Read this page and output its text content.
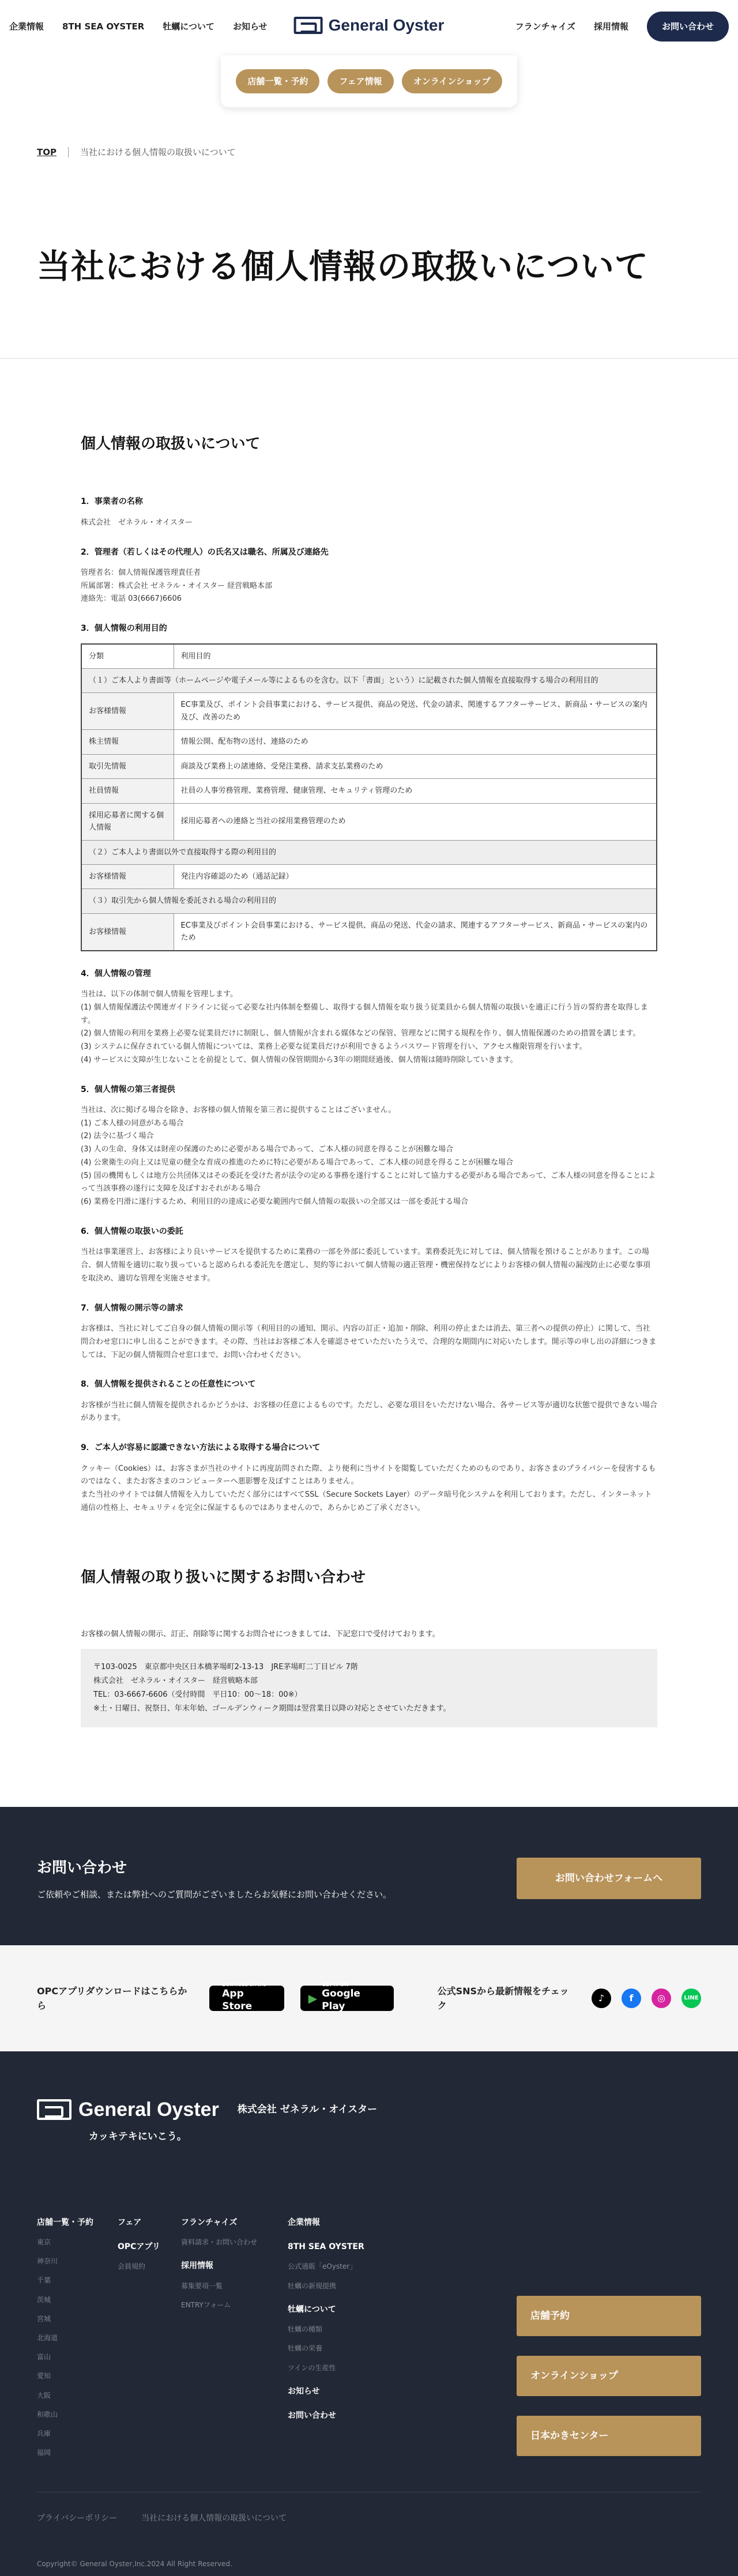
企業情報 8TH SEA OYSTER 牡蠣について お知らせ	General Oyster	フランチャイズ 採用情報	お問い合わせ
店舗一覧・予約	フェア情報	オンラインショップ
TOP	当社における個人情報の取扱いについて
当社における個人情報の取扱いについて
個人情報の取扱いについて
1．事業者の名称

株式会社　ゼネラル・オイスター

2．管理者（若しくはその代理人）の氏名又は職名、所属及び連絡先

管理者名：個人情報保護管理責任者

所属部署：株式会社 ゼネラル・オイスター 経営戦略本部

連絡先：電話 03(6667)6606

3．個人情報の利用目的
分類	利用目的
（１）ご本人より書面等（ホームページや電子メール等によるものを含む。以下「書面」という）に記載された個人情報を直接取得する場合の利用目的	
お客様情報	EC事業及び、ポイント会員事業における、サービス提供、商品の発送、代金の請求、関連するアフターサービス、新商品・サービスの案内及び、改善のため
株主情報	情報公開、配布物の送付、連絡のため
取引先情報	商談及び業務上の諸連絡、受発注業務、請求支払業務のため
社員情報	社員の人事労務管理、業務管理、健康管理、セキュリティ管理のため
採用応募者に関する個人情報	採用応募者への連絡と当社の採用業務管理のため
（２）ご本人より書面以外で直接取得する際の利用目的	
お客様情報	発注内容確認のため（通話記録）
（３）取引先から個人情報を委託される場合の利用目的	
お客様情報	EC事業及びポイント会員事業における、サービス提供、商品の発送、代金の請求、関連するアフターサービス、新商品・サービスの案内のため
4．個人情報の管理

当社は、以下の体制で個人情報を管理します。

(1) 個人情報保護法や関連ガイドラインに従って必要な社内体制を整備し、取得する個人情報を取り扱う従業員から個人情報の取扱いを適正に行う旨の誓約書を取得します。

(2) 個人情報の利用を業務上必要な従業員だけに制限し、個人情報が含まれる媒体などの保管、管理などに関する規程を作り、個人情報保護のための措置を講じます。

(3) システムに保存されている個人情報については、業務上必要な従業員だけが利用できるようパスワード管理を行い、アクセス権限管理を行います。

(4) サービスに支障が生じないことを前提として、個人情報の保管期間から3年の期間経過後、個人情報は随時削除していきます。

5．個人情報の第三者提供

当社は、次に掲げる場合を除き、お客様の個人情報を第三者に提供することはございません。

(1) ご本人様の同意がある場合

(2) 法令に基づく場合

(3) 人の生命、身体又は財産の保護のために必要がある場合であって、ご本人様の同意を得ることが困難な場合

(4) 公衆衛生の向上又は児童の健全な育成の推進のために特に必要がある場合であって、ご本人様の同意を得ることが困難な場合

(5) 国の機関もしくは地方公共団体又はその委託を受けた者が法令の定める事務を遂行することに対して協力する必要がある場合であって、ご本人様の同意を得ることによって当該事務の遂行に支障を及ぼすおそれがある場合

(6) 業務を円滑に遂行するため、利用目的の達成に必要な範囲内で個人情報の取扱いの全部又は一部を委託する場合

6．個人情報の取扱いの委託

当社は事業運営上、お客様により良いサービスを提供するために業務の一部を外部に委託しています。業務委託先に対しては、個人情報を預けることがあります。この場合、個人情報を適切に取り扱っていると認められる委託先を選定し、契約等において個人情報の適正管理・機密保持などによりお客様の個人情報の漏洩防止に必要な事項を取決め、適切な管理を実施させます。

7．個人情報の開示等の請求

お客様は、当社に対してご自身の個人情報の開示等（利用目的の通知、開示、内容の訂正・追加・削除、利用の停止または消去、第三者への提供の停止）に関して、当社問合わせ窓口に申し出ることができます。その際、当社はお客様ご本人を確認させていただいたうえで、合理的な期間内に対応いたします。開示等の申し出の詳細につきましては、下記の個人情報問合せ窓口まで、お問い合わせください。

8．個人情報を提供されることの任意性について

お客様が当社に個人情報を提供されるかどうかは、お客様の任意によるものです。ただし、必要な項目をいただけない場合、各サービス等が適切な状態で提供できない場合があります。

9．ご本人が容易に認識できない方法による取得する場合について

クッキー（Cookies）は、お客さまが当社のサイトに再度訪問された際、より便利に当サイトを閲覧していただくためのものであり、お客さまのプライバシーを侵害するものではなく、またお客さまのコンピューターへ悪影響を及ぼすことはありません。

また当社のサイトでは個人情報を入力していただく部分にはすべてSSL（Secure Sockets Layer）のデータ暗号化システムを利用しております。ただし、インターネット通信の性格上、セキュリティを完全に保証するものではありませんので、あらかじめご了承ください。

個人情報の取り扱いに関するお問い合わせ

お客様の個人情報の開示、訂正、削除等に関するお問合せにつきましては、下記窓口で受付けております。

〒103-0025　東京都中央区日本橋茅場町2-13-13　JRE茅場町二丁目ビル 7階

株式会社　ゼネラル・オイスター　経営戦略本部

TEL：03-6667-6606（受付時間　平日10：00～18：00※）

※土・日曜日、祝祭日、年末年始、ゴールデンウィーク期間は翌営業日以降の対応とさせていただきます。

お問い合わせ

ご依頼やご相談、または弊社へのご質問がございましたらお気軽にお問い合わせください。

お問い合わせフォームへ
OPCアプリダウンロードはこちらから
Download on the
App Store
▶
GET IT ON
Google Play
公式SNSから最新情報をチェック
♪	f	◎	LINE
General Oyster 株式会社 ゼネラル・オイスター
カッキテキにいこう。
店舗一覧・予約
東京
神奈川
千葉
茨城
宮城
北海道
富山
愛知
大阪
和歌山
兵庫
福岡
フェア
OPCアプリ
会員規約
フランチャイズ
資料請求・お問い合わせ
採用情報
募集要項一覧
ENTRYフォーム
企業情報
8TH SEA OYSTER
公式通販「eOyster」
牡蠣の新規提携
牡蠣について
牡蠣の種類
牡蠣の栄養
ツインの生産性
お知らせ
お問い合わせ
店舗予約
オンラインショップ
日本かきセンター
プライバシーポリシー	当社における個人情報の取扱いについて
Copyright© General Oyster,Inc.2024 All Right Reserved.
